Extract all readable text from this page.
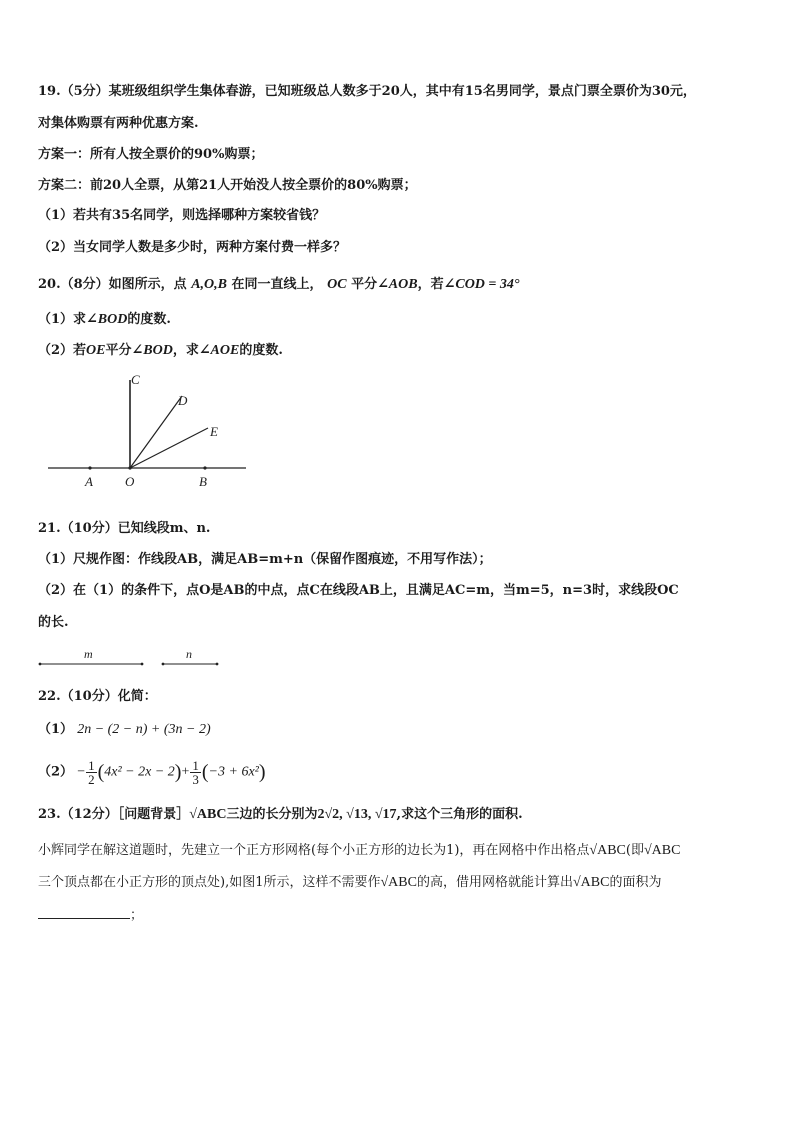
19.（5分）某班级组织学生集体春游，已知班级总人数多于20人，其中有15名男同学，景点门票全票价为30元，
对集体购票有两种优惠方案.
方案一：所有人按全票价的90%购票；
方案二：前20人全票，从第21人开始没人按全票价的80%购票；
（1）若共有35名同学，则选择哪种方案较省钱？
（2）当女同学人数是多少时，两种方案付费一样多？
20.（8分）如图所示，点 A,O,B 在同一直线上， OC 平分∠AOB，若∠COD = 34°
（1）求∠BOD的度数.
（2）若OE平分∠BOD，求∠AOE的度数.
C
D
E
A O	B
21.（10分）已知线段m、n.
（1）尺规作图：作线段AB，满足AB=m+n（保留作图痕迹，不用写作法）；
（2）在（1）的条件下，点O是AB的中点，点C在线段AB上，且满足AC=m，当m=5，n=3时，求线段OC
的长.
m	n
22.（10分）化简：
（1） 2n − (2 − n) + (3n − 2)
$(2) - \frac{1}{2} (4x^2 - 2x - 2)+ \frac{1}{3} (-3 + 6x^2)$
23.（12分）［问题背景］√ABC三边的长分别为2√2, √13, √17,求这个三角形的面积.
小辉同学在解这道题时，先建立一个正方形网格(每个小正方形的边长为1)，再在网格中作出格点√ABC(即√ABC
三个顶点都在小正方形的顶点处),如图1所示，这样不需要作√ABC的高，借用网格就能计算出√ABC的面积为
；
